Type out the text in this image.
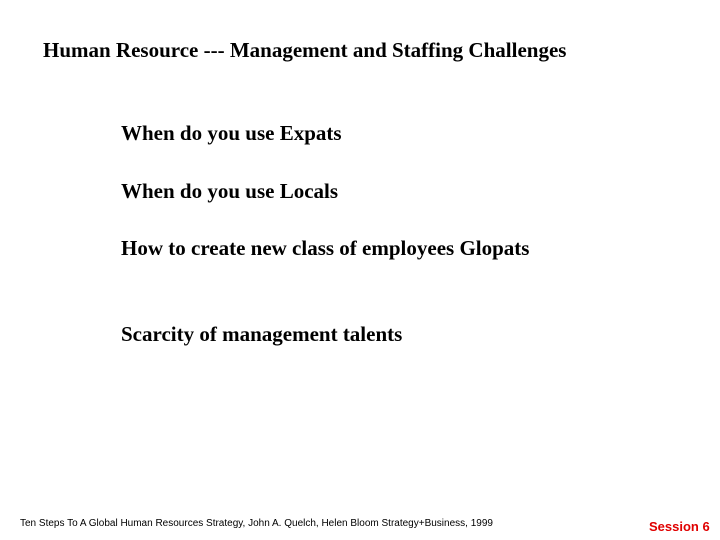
Human Resource --- Management and Staffing Challenges

When do you use Expats

When do you use Locals

How to create new class of employees Glopats

Scarcity of management talents

Ten Steps To A Global Human Resources Strategy, John A. Quelch, Helen Bloom Strategy+Business, 1999	Session 6
